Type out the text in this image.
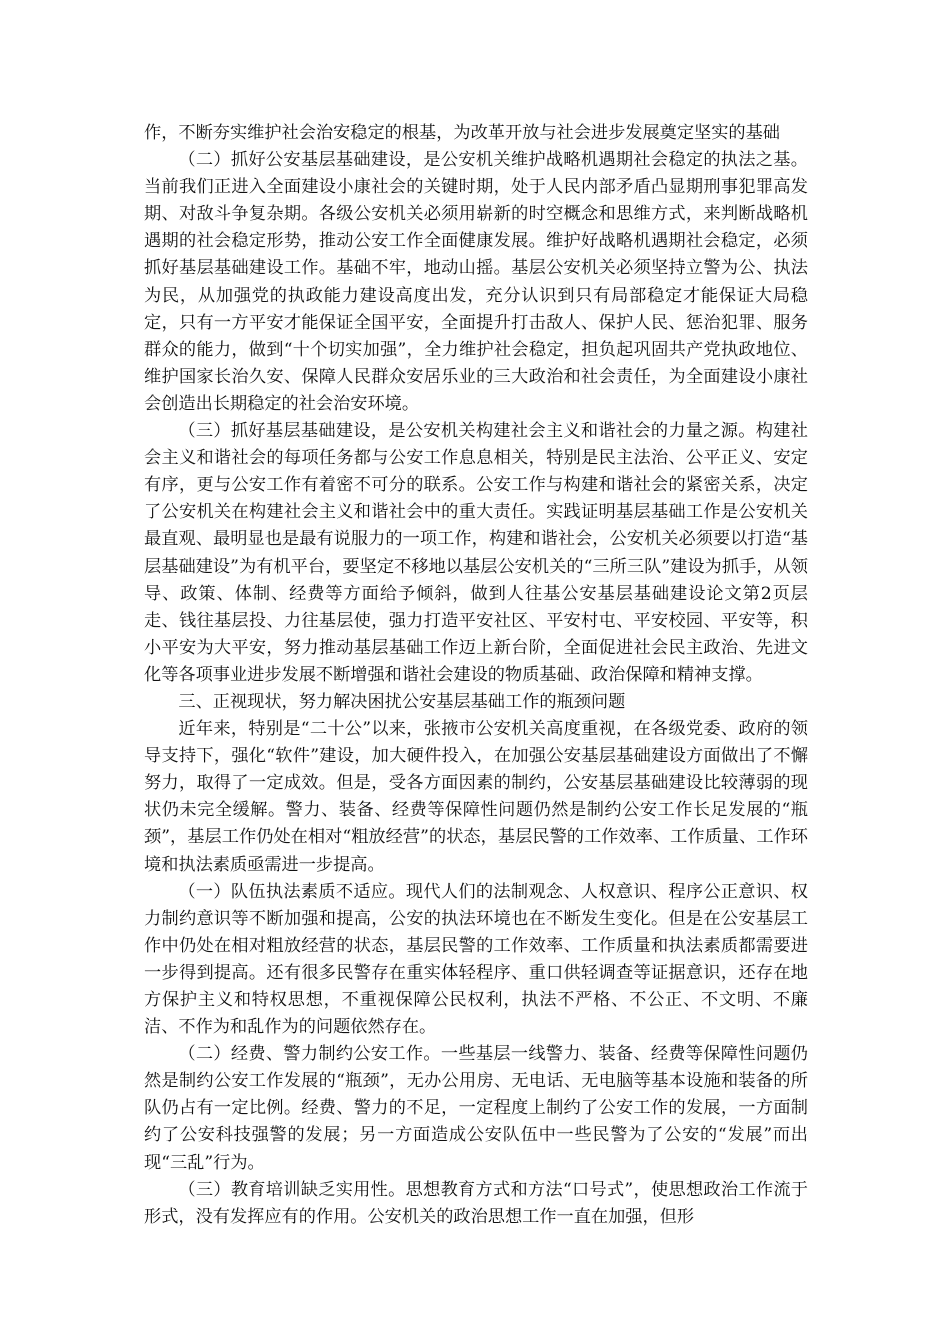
作，不断夯实维护社会治安稳定的根基，为改革开放与社会进步发展奠定坚实的基础

（二）抓好公安基层基础建设，是公安机关维护战略机遇期社会稳定的执法之基。当前我们正进入全面建设小康社会的关键时期，处于人民内部矛盾凸显期刑事犯罪高发期、对敌斗争复杂期。各级公安机关必须用崭新的时空概念和思维方式，来判断战略机遇期的社会稳定形势，推动公安工作全面健康发展。维护好战略机遇期社会稳定，必须抓好基层基础建设工作。基础不牢，地动山摇。基层公安机关必须坚持立警为公、执法为民，从加强党的执政能力建设高度出发，充分认识到只有局部稳定才能保证大局稳定，只有一方平安才能保证全国平安，全面提升打击敌人、保护人民、惩治犯罪、服务群众的能力，做到“十个切实加强”，全力维护社会稳定，担负起巩固共产党执政地位、维护国家长治久安、保障人民群众安居乐业的三大政治和社会责任，为全面建设小康社会创造出长期稳定的社会治安环境。

（三）抓好基层基础建设，是公安机关构建社会主义和谐社会的力量之源。构建社会主义和谐社会的每项任务都与公安工作息息相关，特别是民主法治、公平正义、安定有序，更与公安工作有着密不可分的联系。公安工作与构建和谐社会的紧密关系，决定了公安机关在构建社会主义和谐社会中的重大责任。实践证明基层基础工作是公安机关最直观、最明显也是最有说服力的一项工作，构建和谐社会，公安机关必须要以打造“基层基础建设”为有机平台，要坚定不移地以基层公安机关的“三所三队”建设为抓手，从领导、政策、体制、经费等方面给予倾斜，做到人往基公安基层基础建设论文第2页层走、钱往基层投、力往基层使，强力打造平安社区、平安村屯、平安校园、平安等，积小平安为大平安，努力推动基层基础工作迈上新台阶，全面促进社会民主政治、先进文化等各项事业进步发展不断增强和谐社会建设的物质基础、政治保障和精神支撑。

三、正视现状，努力解决困扰公安基层基础工作的瓶颈问题

近年来，特别是“二十公”以来，张掖市公安机关高度重视，在各级党委、政府的领导支持下，强化“软件”建设，加大硬件投入，在加强公安基层基础建设方面做出了不懈努力，取得了一定成效。但是，受各方面因素的制约，公安基层基础建设比较薄弱的现状仍未完全缓解。警力、装备、经费等保障性问题仍然是制约公安工作长足发展的“瓶颈”，基层工作仍处在相对“粗放经营”的状态，基层民警的工作效率、工作质量、工作环境和执法素质亟需进一步提高。

（一）队伍执法素质不适应。现代人们的法制观念、人权意识、程序公正意识、权力制约意识等不断加强和提高，公安的执法环境也在不断发生变化。但是在公安基层工作中仍处在相对粗放经营的状态，基层民警的工作效率、工作质量和执法素质都需要进一步得到提高。还有很多民警存在重实体轻程序、重口供轻调查等证据意识，还存在地方保护主义和特权思想，不重视保障公民权利，执法不严格、不公正、不文明、不廉洁、不作为和乱作为的问题依然存在。

（二）经费、警力制约公安工作。一些基层一线警力、装备、经费等保障性问题仍然是制约公安工作发展的“瓶颈”，无办公用房、无电话、无电脑等基本设施和装备的所队仍占有一定比例。经费、警力的不足，一定程度上制约了公安工作的发展，一方面制约了公安科技强警的发展；另一方面造成公安队伍中一些民警为了公安的“发展”而出现“三乱”行为。

（三）教育培训缺乏实用性。思想教育方式和方法“口号式”，使思想政治工作流于形式，没有发挥应有的作用。公安机关的政治思想工作一直在加强，但形
